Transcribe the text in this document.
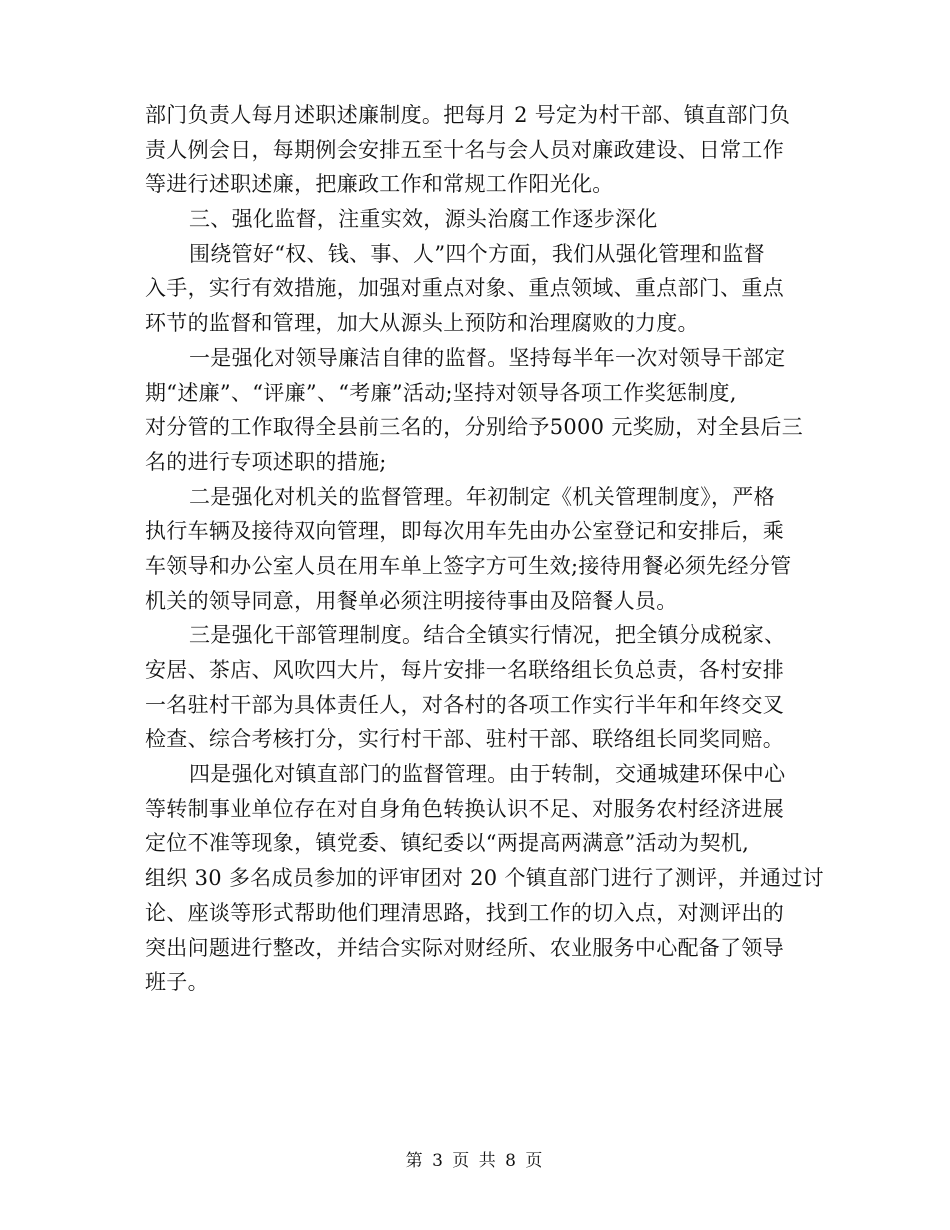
部门负责人每月述职述廉制度。把每月 2 号定为村干部、镇直部门负
责人例会日，每期例会安排五至十名与会人员对廉政建设、日常工作
等进行述职述廉，把廉政工作和常规工作阳光化。
三、强化监督，注重实效，源头治腐工作逐步深化
围绕管好“权、钱、事、人”四个方面，我们从强化管理和监督
入手，实行有效措施，加强对重点对象、重点领域、重点部门、重点
环节的监督和管理，加大从源头上预防和治理腐败的力度。
一是强化对领导廉洁自律的监督。坚持每半年一次对领导干部定
期“述廉”、“评廉”、“考廉”活动;坚持对领导各项工作奖惩制度,
对分管的工作取得全县前三名的，分别给予5000 元奖励，对全县后三
名的进行专项述职的措施;
二是强化对机关的监督管理。年初制定《机关管理制度》，严格
执行车辆及接待双向管理，即每次用车先由办公室登记和安排后，乘
车领导和办公室人员在用车单上签字方可生效;接待用餐必须先经分管
机关的领导同意，用餐单必须注明接待事由及陪餐人员。
三是强化干部管理制度。结合全镇实行情况，把全镇分成税家、
安居、茶店、风吹四大片，每片安排一名联络组长负总责，各村安排
一名驻村干部为具体责任人，对各村的各项工作实行半年和年终交叉
检查、综合考核打分，实行村干部、驻村干部、联络组长同奖同赔。
四是强化对镇直部门的监督管理。由于转制，交通城建环保中心
等转制事业单位存在对自身角色转换认识不足、对服务农村经济进展
定位不准等现象，镇党委、镇纪委以“两提高两满意”活动为契机,
组织 30 多名成员参加的评审团对 20 个镇直部门进行了测评，并通过讨
论、座谈等形式帮助他们理清思路，找到工作的切入点，对测评出的
突出问题进行整改，并结合实际对财经所、农业服务中心配备了领导
班子。
第 3 页 共 8 页
